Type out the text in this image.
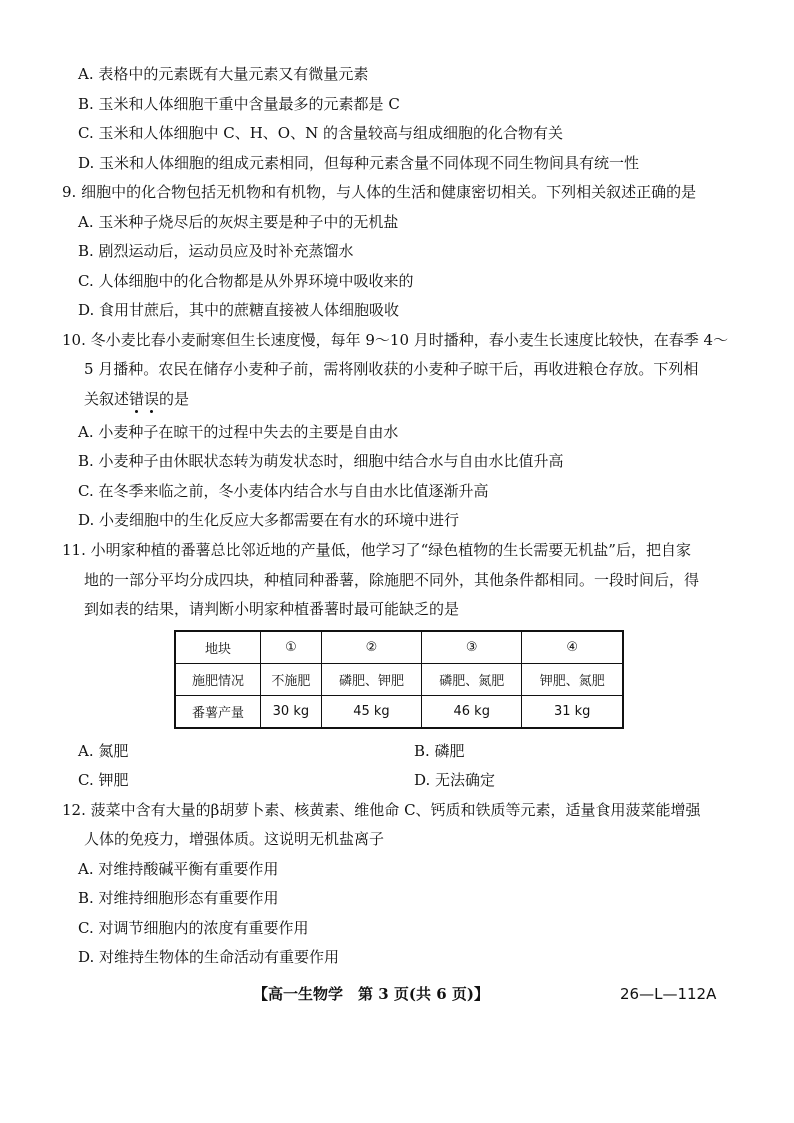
A. 表格中的元素既有大量元素又有微量元素
B. 玉米和人体细胞干重中含量最多的元素都是 C
C. 玉米和人体细胞中 C、H、O、N 的含量较高与组成细胞的化合物有关
D. 玉米和人体细胞的组成元素相同，但每种元素含量不同体现不同生物间具有统一性
9. 细胞中的化合物包括无机物和有机物，与人体的生活和健康密切相关。下列相关叙述正确的是
A. 玉米种子烧尽后的灰烬主要是种子中的无机盐
B. 剧烈运动后，运动员应及时补充蒸馏水
C. 人体细胞中的化合物都是从外界环境中吸收来的
D. 食用甘蔗后，其中的蔗糖直接被人体细胞吸收
10. 冬小麦比春小麦耐寒但生长速度慢，每年 9～10 月时播种，春小麦生长速度比较快，在春季 4～
5 月播种。农民在储存小麦种子前，需将刚收获的小麦种子晾干后，再收进粮仓存放。下列相
关叙述错误
的是
A. 小麦种子在晾干的过程中失去的主要是自由水
B. 小麦种子由休眠状态转为萌发状态时，细胞中结合水与自由水比值升高
C. 在冬季来临之前，冬小麦体内结合水与自由水比值逐渐升高
D. 小麦细胞中的生化反应大多都需要在有水的环境中进行
11. 小明家种植的番薯总比邻近地的产量低，他学习了“绿色植物的生长需要无机盐”后，把自家
地的一部分平均分成四块，种植同种番薯，除施肥不同外，其他条件都相同。一段时间后，得
到如表的结果，请判断小明家种植番薯时最可能缺乏的是
地块	①	②	③	④
施肥情况	不施肥	磷肥、钾肥	磷肥、氮肥	钾肥、氮肥
番薯产量	30 kg	45 kg	46 kg	31 kg
A. 氮肥	B. 磷肥
C. 钾肥	D. 无法确定
12. 菠菜中含有大量的β胡萝卜素、核黄素、维他命 C、钙质和铁质等元素，适量食用菠菜能增强
人体的免疫力，增强体质。这说明无机盐离子
A. 对维持酸碱平衡有重要作用
B. 对维持细胞形态有重要作用
C. 对调节细胞内的浓度有重要作用
D. 对维持生物体的生命活动有重要作用
【高一生物学　第 3 页(共 6 页)】	26—L—112A
